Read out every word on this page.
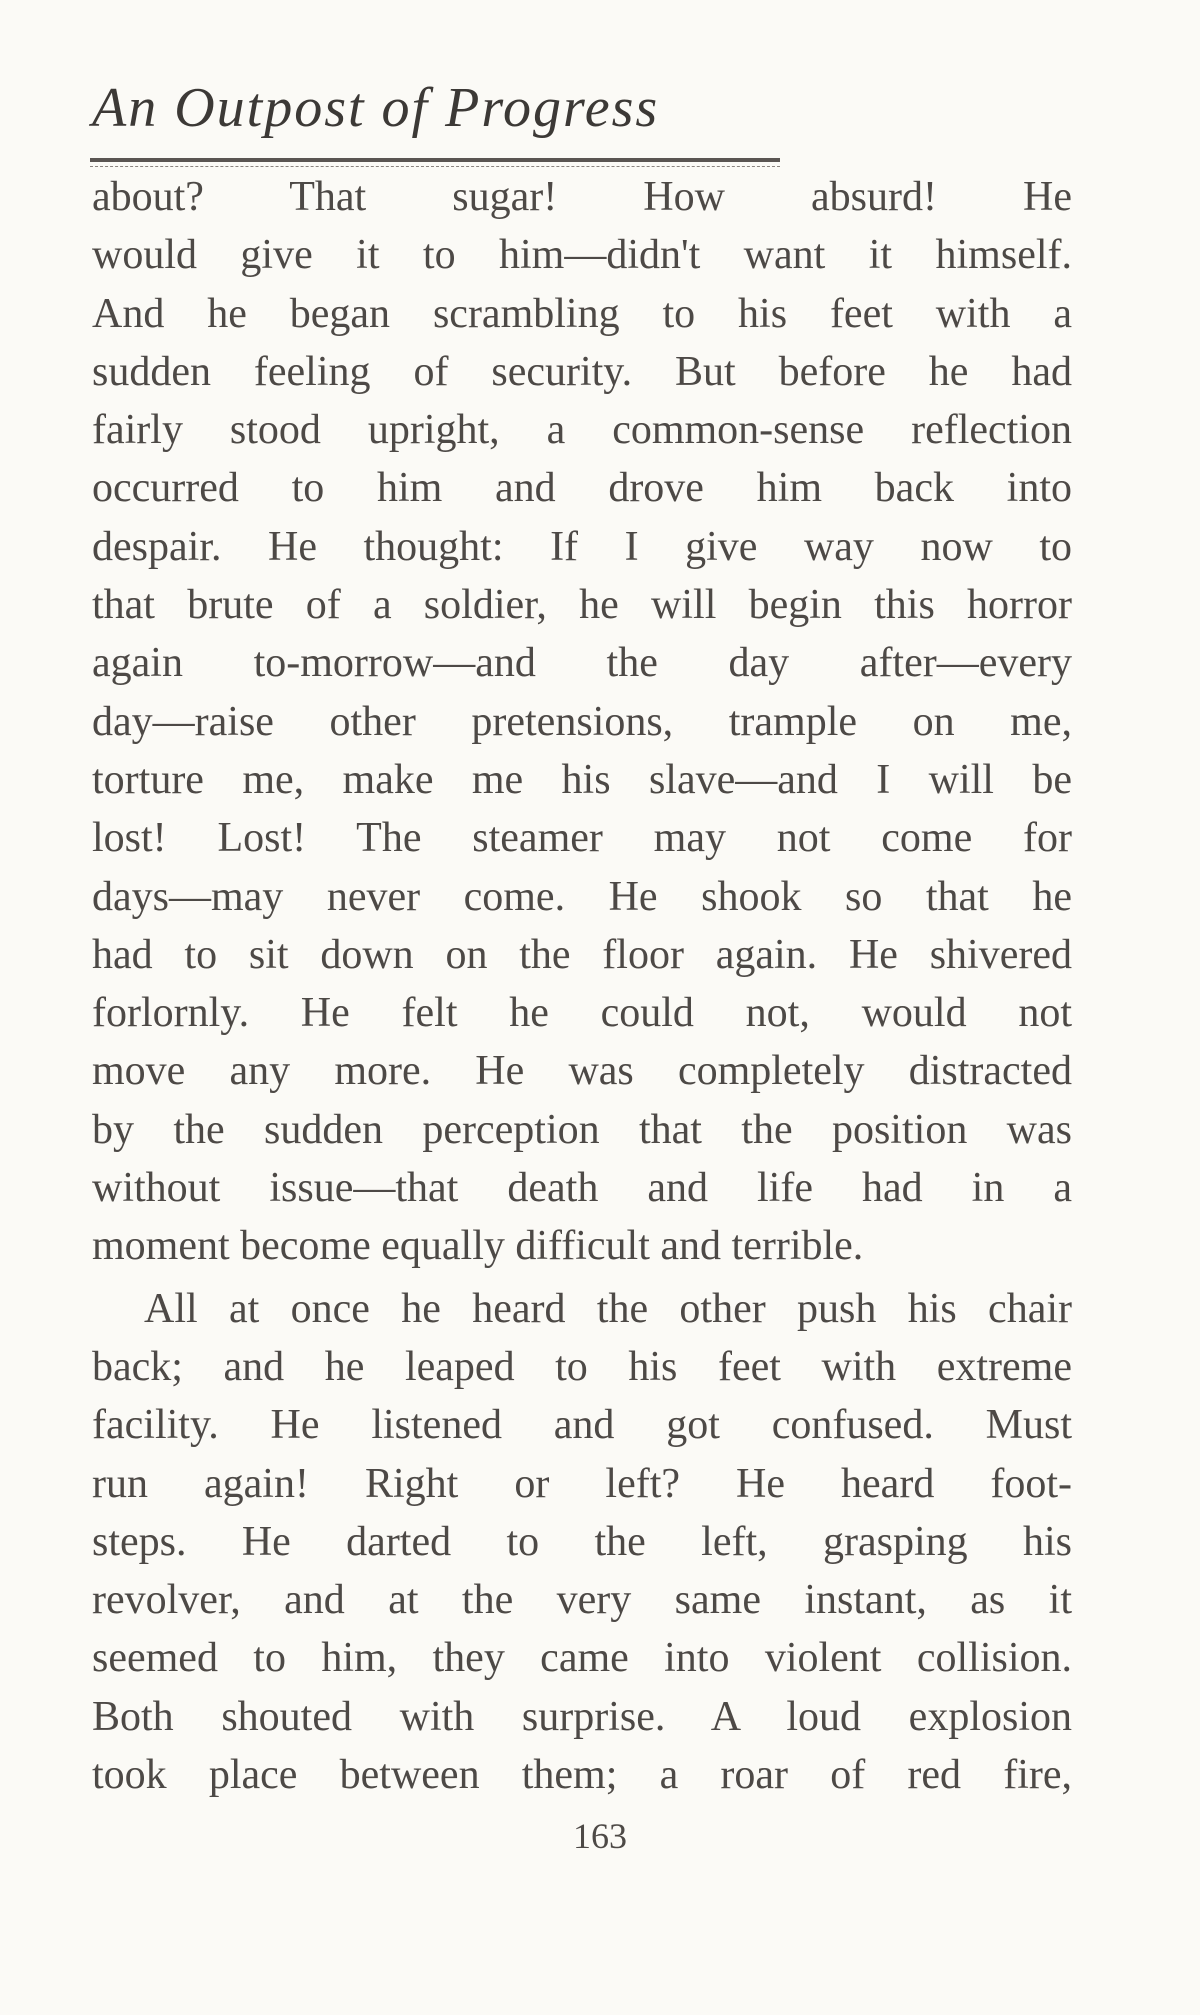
An Outpost of Progress
about? That sugar! How absurd! He
would give it to him—didn't want it himself.
And he began scrambling to his feet with a
sudden feeling of security. But before he had
fairly stood upright, a common-sense reflection
occurred to him and drove him back into
despair. He thought: If I give way now to
that brute of a soldier, he will begin this horror
again to-morrow—and the day after—every
day—raise other pretensions, trample on me,
torture me, make me his slave—and I will be
lost! Lost! The steamer may not come for
days—may never come. He shook so that he
had to sit down on the floor again. He shivered
forlornly. He felt he could not, would not
move any more. He was completely distracted
by the sudden perception that the position was
without issue—that death and life had in a
moment become equally difficult and terrible.
All at once he heard the other push his chair
back; and he leaped to his feet with extreme
facility. He listened and got confused. Must
run again! Right or left? He heard foot-
steps. He darted to the left, grasping his
revolver, and at the very same instant, as it
seemed to him, they came into violent collision.
Both shouted with surprise. A loud explosion
took place between them; a roar of red fire,
163
